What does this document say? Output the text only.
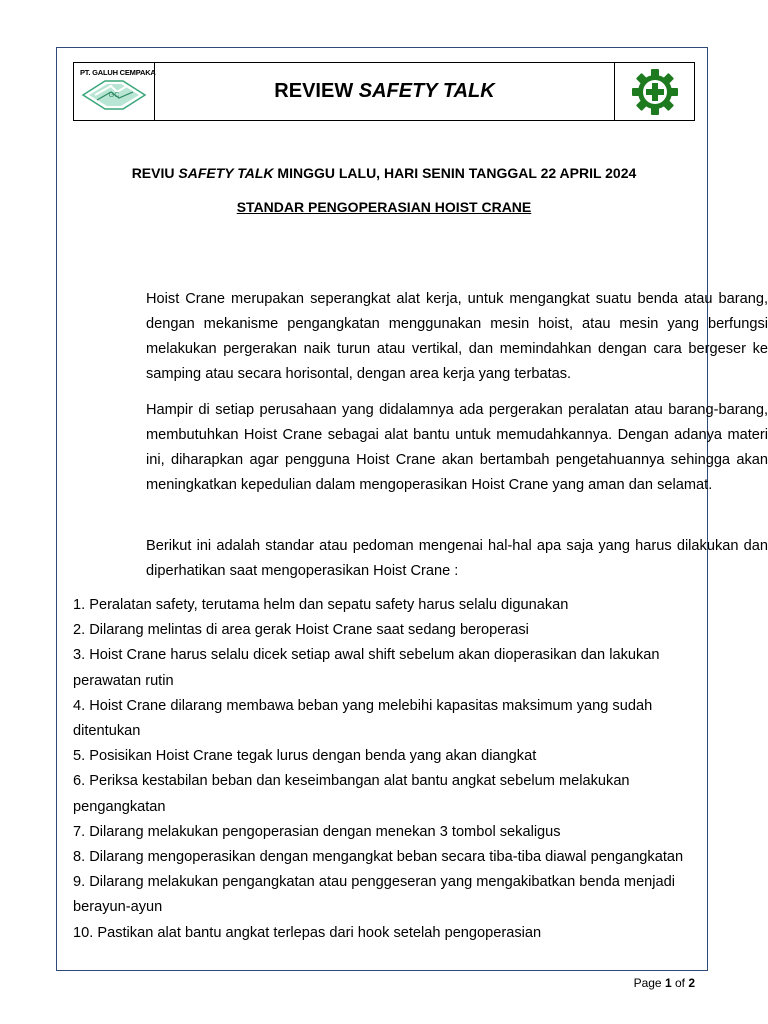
PT. GALUH CEMPAKA
GC	REVIEW SAFETY TALK
REVIU SAFETY TALK MINGGU LALU, HARI SENIN TANGGAL 22 APRIL 2024
STANDAR PENGOPERASIAN HOIST CRANE

Hoist Crane merupakan seperangkat alat kerja, untuk mengangkat suatu benda atau barang, dengan mekanisme pengangkatan menggunakan mesin hoist, atau mesin yang berfungsi melakukan pergerakan naik turun atau vertikal, dan memindahkan dengan cara bergeser ke samping atau secara horisontal, dengan area kerja yang terbatas.

Hampir di setiap perusahaan yang didalamnya ada pergerakan peralatan atau barang-barang, membutuhkan Hoist Crane sebagai alat bantu untuk memudahkannya. Dengan adanya materi ini, diharapkan agar pengguna Hoist Crane akan bertambah pengetahuannya sehingga akan meningkatkan kepedulian dalam mengoperasikan Hoist Crane yang aman dan selamat.

Berikut ini adalah standar atau pedoman mengenai hal-hal apa saja yang harus dilakukan dan diperhatikan saat mengoperasikan Hoist Crane :

1. Peralatan safety, terutama helm dan sepatu safety harus selalu digunakan
2. Dilarang melintas di area gerak Hoist Crane saat sedang beroperasi
3. Hoist Crane harus selalu dicek setiap awal shift sebelum akan dioperasikan dan lakukan perawatan rutin
4. Hoist Crane dilarang membawa beban yang melebihi kapasitas maksimum yang sudah ditentukan
5. Posisikan Hoist Crane tegak lurus dengan benda yang akan diangkat
6. Periksa kestabilan beban dan keseimbangan alat bantu angkat sebelum melakukan pengangkatan
7. Dilarang melakukan pengoperasian dengan menekan 3 tombol sekaligus
8. Dilarang mengoperasikan dengan mengangkat beban secara tiba-tiba diawal pengangkatan
9. Dilarang melakukan pengangkatan atau penggeseran yang mengakibatkan benda menjadi berayun-ayun
10. Pastikan alat bantu angkat terlepas dari hook setelah pengoperasian
Page 1 of 2
